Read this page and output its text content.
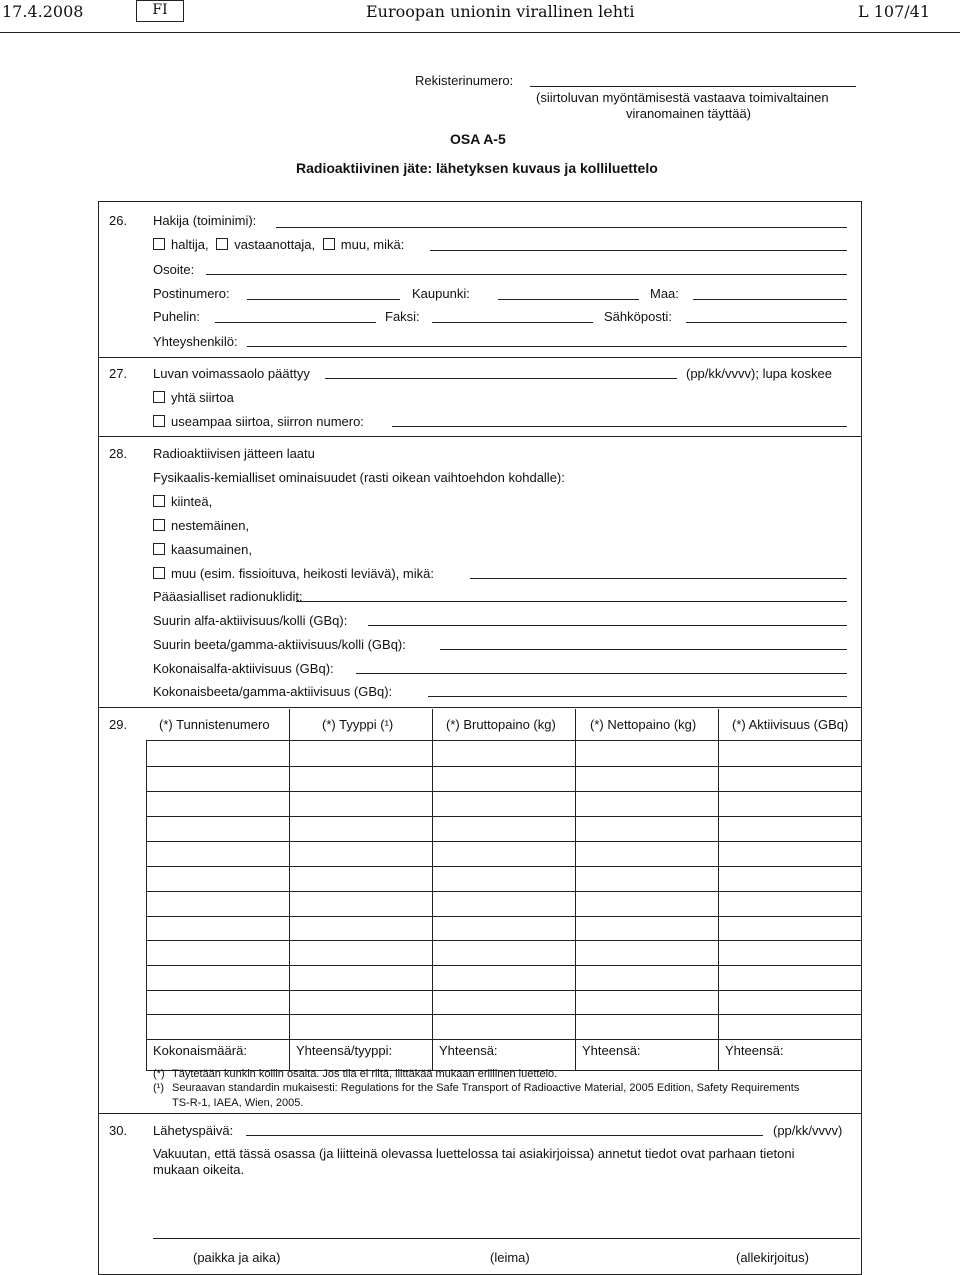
17.4.2008	FI	Euroopan unionin virallinen lehti	L 107/41
Rekisterinumero:
(siirtoluvan myöntämisestä vastaava toimivaltainen
viranomainen täyttää)
OSA A-5
Radioaktiivinen jäte: lähetyksen kuvaus ja kolliluettelo
26. Hakija (toiminimi):
haltija, vastaanottaja, muu, mikä:
Osoite:
Postinumero:	Kaupunki:	Maa:
Puhelin:	Faksi:	Sähköposti:
Yhteyshenkilö:
27. Luvan voimassaolo päättyy	(pp/kk/vvvv); lupa koskee
yhtä siirtoa
useampaa siirtoa, siirron numero:
28. Radioaktiivisen jätteen laatu
Fysikaalis-kemialliset ominaisuudet (rasti oikean vaihtoehdon kohdalle):
kiinteä,
nestemäinen,
kaasumainen,
muu (esim. fissioituva, heikosti leviävä), mikä:
Pääasialliset radionuklidit:
Suurin alfa-aktiivisuus/kolli (GBq):
Suurin beeta/gamma-aktiivisuus/kolli (GBq):
Kokonaisalfa-aktiivisuus (GBq):
Kokonaisbeeta/gamma-aktiivisuus (GBq):
29. (*) Tunnistenumero	(*) Tyyppi (¹)	(*) Bruttopaino (kg)	(*) Nettopaino (kg)	(*) Aktiivisuus (GBq)
Kokonaismäärä:	Yhteensä/tyyppi:	Yhteensä:	Yhteensä:	Yhteensä:
(*) Täytetään kunkin kollin osalta. Jos tila ei riitä, liittäkää mukaan erillinen luettelo.
(¹) Seuraavan standardin mukaisesti: Regulations for the Safe Transport of Radioactive Material, 2005 Edition, Safety Requirements
TS-R-1, IAEA, Wien, 2005.
30. Lähetyspäivä:	(pp/kk/vvvv)
Vakuutan, että tässä osassa (ja liitteinä olevassa luettelossa tai asiakirjoissa) annetut tiedot ovat parhaan tietoni
mukaan oikeita.
(paikka ja aika)	(leima)	(allekirjoitus)
